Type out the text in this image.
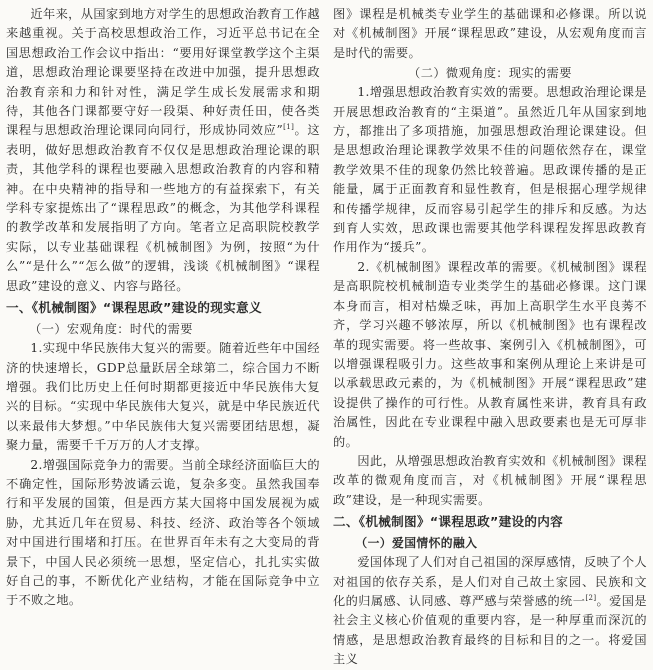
近年来，从国家到地方对学生的思想政治教育工作越来越重视。关于高校思想政治工作，习近平总书记在全国思想政治工作会议中指出：“要用好课堂教学这个主渠道，思想政治理论课要坚持在改进中加强，提升思想政治教育亲和力和针对性，满足学生成长发展需求和期待，其他各门课都要守好一段渠、种好责任田，使各类课程与思想政治理论课同向同行，形成协同效应”[1]。这表明，做好思想政治教育不仅仅是思想政治理论课的职责，其他学科的课程也要融入思想政治教育的内容和精神。在中央精神的指导和一些地方的有益探索下，有关学科专家提炼出了“课程思政”的概念，为其他学科课程的教学改革和发展指明了方向。笔者立足高职院校教学实际，以专业基础课程《机械制图》为例，按照“为什么”“是什么”“怎么做”的逻辑，浅谈《机械制图》“课程思政”建设的意义、内容与路径。

一、《机械制图》“课程思政”建设的现实意义
（一）宏观角度：时代的需要

1.实现中华民族伟大复兴的需要。随着近些年中国经济的快速增长，GDP总量跃居全球第二，综合国力不断增强。我们比历史上任何时期都更接近中华民族伟大复兴的目标。“实现中华民族伟大复兴，就是中华民族近代以来最伟大梦想。”中华民族伟大复兴需要团结思想，凝聚力量，需要千千万万的人才支撑。

2.增强国际竞争力的需要。当前全球经济面临巨大的不确定性，国际形势波谲云诡，复杂多变。虽然我国奉行和平发展的国策，但是西方某大国将中国发展视为威胁，尤其近几年在贸易、科技、经济、政治等各个领域对中国进行围堵和打压。在世界百年未有之大变局的背景下，中国人民必须统一思想，坚定信心，扎扎实实做好自己的事，不断优化产业结构，才能在国际竞争中立于不败之地。

图》课程是机械类专业学生的基础课和必修课。所以说对《机械制图》开展“课程思政”建设，从宏观角度而言是时代的需要。

（二）微观角度：现实的需要

1.增强思想政治教育实效的需要。思想政治理论课是开展思想政治教育的“主渠道”。虽然近几年从国家到地方，都推出了多项措施，加强思想政治理论课建设。但是思想政治理论课教学效果不佳的问题依然存在，课堂教学效果不佳的现象仍然比较普遍。思政课传播的是正能量，属于正面教育和显性教育，但是根据心理学规律和传播学规律，反而容易引起学生的排斥和反感。为达到育人实效，思政课也需要其他学科课程发挥思政教育作用作为“援兵”。

2.《机械制图》课程改革的需要。《机械制图》课程是高职院校机械制造专业类学生的基础必修课。这门课本身而言，相对枯燥乏味，再加上高职学生水平良莠不齐，学习兴趣不够浓厚，所以《机械制图》也有课程改革的现实需要。将一些故事、案例引入《机械制图》，可以增强课程吸引力。这些故事和案例从理论上来讲是可以承载思政元素的，为《机械制图》开展“课程思政”建设提供了操作的可行性。从教育属性来讲，教育具有政治属性，因此在专业课程中融入思政要素也是无可厚非的。

因此，从增强思想政治教育实效和《机械制图》课程改革的微观角度而言，对《机械制图》开展“课程思政”建设，是一种现实需要。

二、《机械制图》“课程思政”建设的内容
（一）爱国情怀的融入

爱国体现了人们对自己祖国的深厚感情，反映了个人对祖国的依存关系，是人们对自己故土家园、民族和文化的归属感、认同感、尊严感与荣誉感的统一[2]。爱国是社会主义核心价值观的重要内容，是一种厚重而深沉的情感，是思想政治教育最终的目标和目的之一。将爱国主义
